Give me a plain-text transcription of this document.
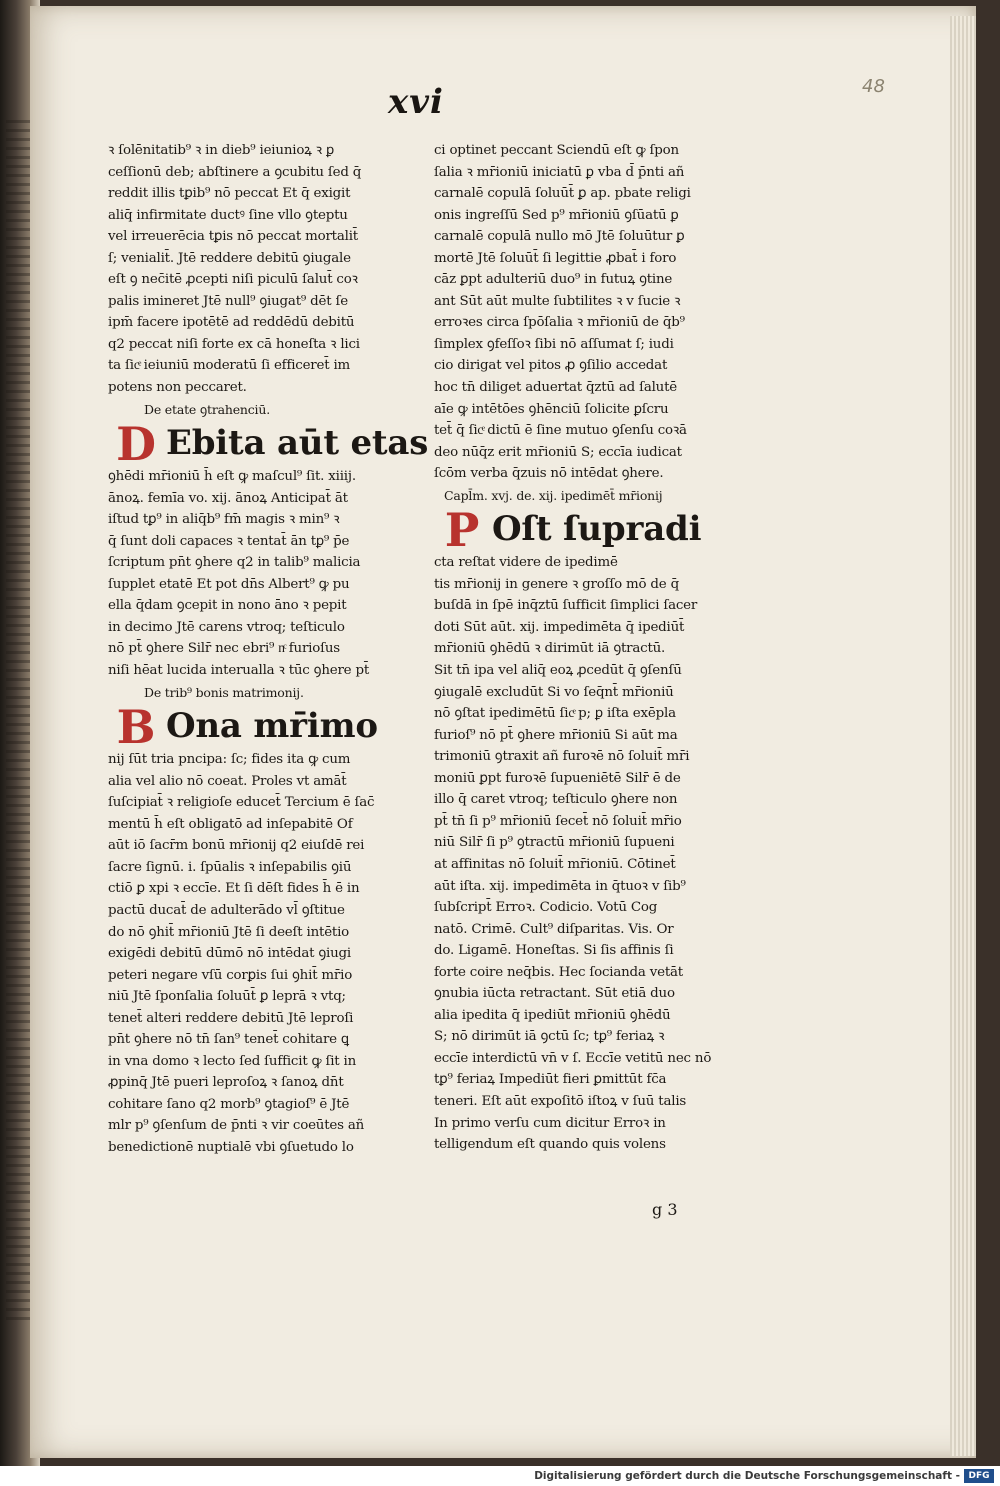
xvi	48
ꝛ ſolēnitatib⁹ ꝛ in dieb⁹ ieiunioꝝ ꝛ ꝑ
ceſſionū deb; abſtinere a ꝯcubitu ſed q̄
reddit illis tꝑib⁹ nō peccat Et q̄ exigit
aliq̄ infirmitate ductꝰ ſine vllo ꝯteptu
vel irreuerēcia tꝑis nō peccat mortalit̄
ſ; venialit̄. Jtē reddere debitū ꝯiugale
eſt ꝯ nec̄itē ꝓcepti niſi piculū ſalut̄ coꝛ
palis imineret Jtē null⁹ ꝯiugat⁹ dēt ſe
ipm̄ facere ipotētē ad reddēdū debitū
q2 peccat niſi forte ex cā honeſta ꝛ lici
ta ſicͤ ieiuniū moderatū ſi efficeret̄ im
potens non peccaret.
De etate ꝯtrahenciū.
D Ebita aūt etas
ꝯhēdi mr̄ioniū h̄ eſt ꝙ maſcul⁹ ſit. xiiij.
ānoꝝ. femīa vo. xij. ānoꝝ Anticipat̄ āt
iſtud tꝑ⁹ in aliq̄b⁹ fm̄ magis ꝛ min⁹ ꝛ
q̄ ſunt doli capaces ꝛ tentat̄ ān tꝑ⁹ p̄e
ſcriptum pn̄t ꝯhere q2 in talib⁹ malicia
ſupplet etatē Et pot dn̄s Albert⁹ ꝙ pu
ella q̄dam ꝯcepit in nono āno ꝛ pepit
in decimo Jtē carens vtroq; teſticulo
nō pt̄ ꝯhere Silr̄ nec ebri⁹ nͨ furioſus
niſi hēat lucida interualla ꝛ tūc ꝯhere pt̄
De trib⁹ bonis matrimonij.
B Ona mr̄imo
nij ſūt tria pncipa: ſc; fides ita ꝙ cum
alia vel alio nō coeat. Proles vt amāt̄
ſuſcipiat̄ ꝛ religioſe educet̄ Tercium ē ſac̄
mentū h̄ eſt obligatō ad inſepabitē Of
aūt iō ſacr̄m bonū mr̄ionij q2 eiuſdē rei
ſacre ſignū. i. ſpūalis ꝛ inſepabilis ꝯiū
ctiō ꝑ xpi ꝛ eccīe. Et ſi dēſt fides h̄ ē in
pactū ducat̄ de adulterādo vl̄ ꝯſtitue
do nō ꝯhit̄ mr̄ioniū Jtē ſi deeſt intētio
exigēdi debitū dūmō nō intēdat ꝯiugi
peteri negare vſū corꝑis ſui ꝯhit̄ mr̄io
niū Jtē ſponſalia ſoluūt̄ ꝑ leprā ꝛ vtq;
tenet̄ alteri reddere debitū Jtē leproſi
pn̄t ꝯhere nō tn̄ ſan⁹ tenet̄ cohitare ꝗ
in vna domo ꝛ lecto ſed ſufficit ꝙ ſit in
ꝓpinq̄ Jtē pueri leproſoꝝ ꝛ ſanoꝝ dn̄t
cohitare ſano q2 morb⁹ ꝯtagioſ⁹ ē Jtē
mlr p⁹ ꝯſenſum de p̄nti ꝛ vir coeūtes añ
benedictionē nuptialē vbi ꝯſuetudo lo
ci optinet peccant Sciendū eſt ꝙ ſpon
ſalia ꝛ mr̄ioniū iniciatū ꝑ vba d̄ p̄nti añ
carnalē copulā ſoluūt̄ ꝑ ap. pbate religi
onis ingreſſū Sed p⁹ mr̄ioniū ꝯſūatū ꝑ
carnalē copulā nullo mō Jtē ſoluūtur ꝑ
mortē Jtē ſoluūt̄ ſi legittie ꝓbat̄ i foro
cāz ꝑpt adulteriū duo⁹ in futuꝝ ꝯtine
ant Sūt aūt multe ſubtilites ꝛ v ſucie ꝛ
erroꝛes circa ſpōſalia ꝛ mr̄ioniū de q̄b⁹
ſimplex ꝯfeſſoꝛ ſibi nō aſſumat ſ; iudi
cio dirigat vel pitos ꝓ ꝯſilio accedat
hoc tn̄ diliget aduertat q̄ztū ad ſalutē
aīe ꝙ intētōes ꝯhēnciū ſolicite ꝑſcru
tet̄ q̄ ſicͤ dictū ē ſine mutuo ꝯſenſu coꝛā
deo nūq̄z erit mr̄ioniū S; eccīa iudicat
ſcōm verba q̄zuis nō intēdat ꝯhere.
Capl̄m. xvj. de. xij. ipedimēt̄ mr̄ionij
P Oſt ſupradi
cta reſtat videre de ipedimē
tis mr̄ionij in genere ꝛ groſſo mō de q̄
buſdā in ſpē inq̄ztū ſufficit ſimplici ſacer
doti Sūt aūt. xij. impedimēta q̄ ipediūt̄
mr̄ioniū ꝯhēdū ꝛ dirimūt iā ꝯtractū.
Sit tn̄ ipa vel aliq̄ eoꝝ ꝓcedūt q̄ ꝯſenſū
ꝯiugalē excludūt Si vo ſeq̄nt̄ mr̄ioniū
nō ꝯſtat ipedimētū ſicͤ p; ꝑ iſta exēpla
furioſ⁹ nō pt̄ ꝯhere mr̄ioniū Si aūt ma
trimoniū ꝯtraxit añ furoꝛē nō ſoluit̄ mr̄i
moniū ꝑpt furoꝛē ſupueniētē Silr̄ ē de
illo q̄ caret vtroq; teſticulo ꝯhere non
pt̄ tn̄ ſi p⁹ mr̄ioniū ſecet̄ nō ſoluit̄ mr̄io
niū Silr̄ ſi p⁹ ꝯtractū mr̄ioniū ſupueni
at affinitas nō ſoluit̄ mr̄ioniū. Cōtinet̄
aūt iſta. xij. impedimēta in q̄tuoꝛ v ſib⁹
ſubſcript̄ Erroꝛ. Codicio. Votū Cog
natō. Crimē. Cult⁹ diſparitas. Vis. Or
do. Ligamē. Honeſtas. Si ſis affinis ſi
forte coire neq̄bis. Hec ſocianda vetāt
ꝯnubia iūcta retractant. Sūt etiā duo
alia ipedita q̄ ipediūt mr̄ioniū ꝯhēdū
S; nō dirimūt iā ꝯctū ſc; tꝑ⁹ feriaꝝ ꝛ
eccīe interdictū vn̄ v ſ. Eccīe vetitū nec nō
tꝑ⁹ feriaꝝ Impediūt fieri ꝑmittūt fc̄a
teneri. Eſt aūt expoſitō iſtoꝝ v ſuū talis
In primo verſu cum dicitur Erroꝛ in
telligendum eſt quando quis volens
g 3
Digitalisierung gefördert durch die Deutsche Forschungsgemeinschaft - DFG
